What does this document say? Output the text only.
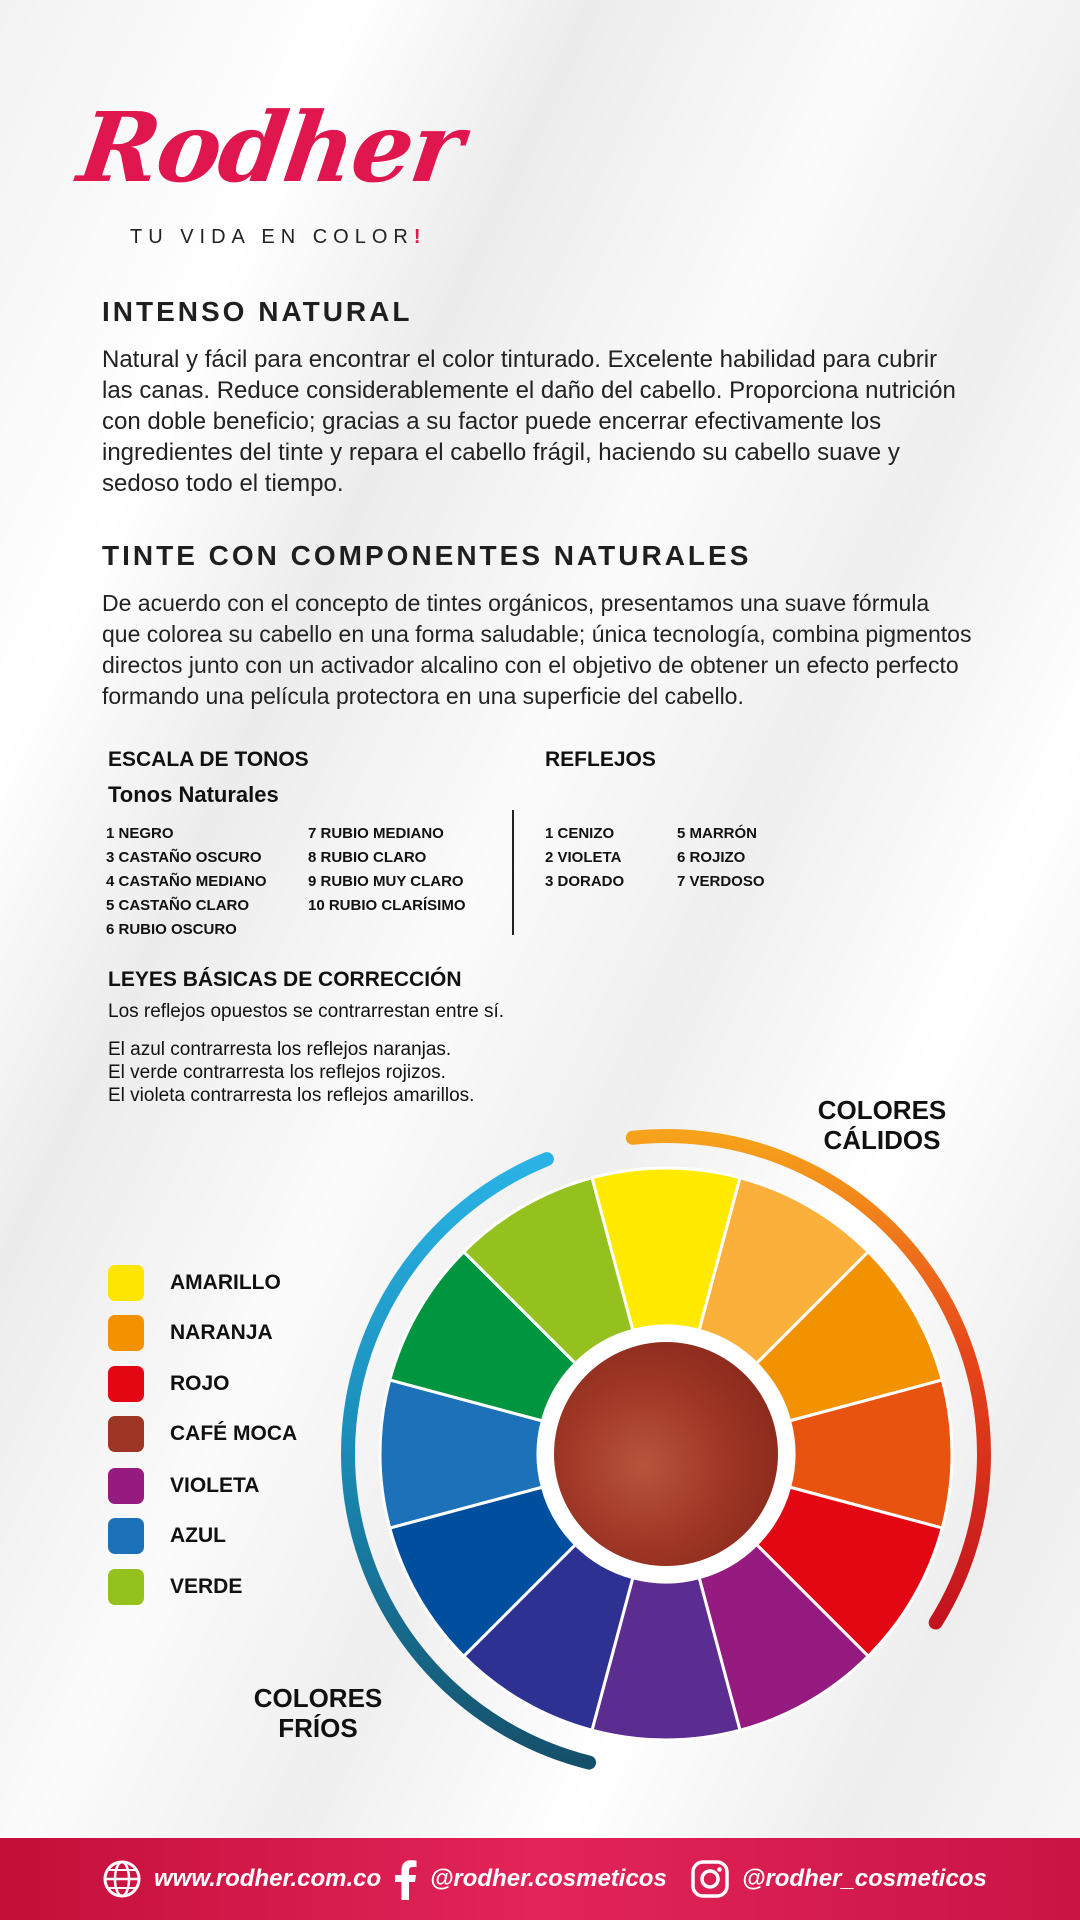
Rodher
TU VIDA EN COLOR!
INTENSO NATURAL
Natural y fácil para encontrar el color tinturado. Excelente habilidad para cubrir
las canas. Reduce considerablemente el daño del cabello. Proporciona nutrición
con doble beneficio; gracias a su factor puede encerrar efectivamente los
ingredientes del tinte y repara el cabello frágil, haciendo su cabello suave y
sedoso todo el tiempo.
TINTE CON COMPONENTES NATURALES
De acuerdo con el concepto de tintes orgánicos, presentamos una suave fórmula
que colorea su cabello en una forma saludable; única tecnología, combina pigmentos
directos junto con un activador alcalino con el objetivo de obtener un efecto perfecto
formando una película protectora en una superficie del cabello.
ESCALA DE TONOS
Tonos Naturales
1 NEGRO
3 CASTAÑO OSCURO
4 CASTAÑO MEDIANO
5 CASTAÑO CLARO
6 RUBIO OSCURO
7 RUBIO MEDIANO
8 RUBIO CLARO
9 RUBIO MUY CLARO
10 RUBIO CLARÍSIMO
REFLEJOS
1 CENIZO
2 VIOLETA
3 DORADO
5 MARRÓN
6 ROJIZO
7 VERDOSO
LEYES BÁSICAS DE CORRECCIÓN
Los reflejos opuestos se contrarrestan entre sí.
El azul contrarresta los reflejos naranjas.
El verde contrarresta los reflejos rojizos.
El violeta contrarresta los reflejos amarillos.	COLORES
CÁLIDOS
COLORES
FRÍOS
AMARILLO
NARANJA
ROJO
CAFÉ MOCA
VIOLETA
AZUL
VERDE
www.rodher.com.co @rodher.cosmeticos	@rodher_cosmeticos
